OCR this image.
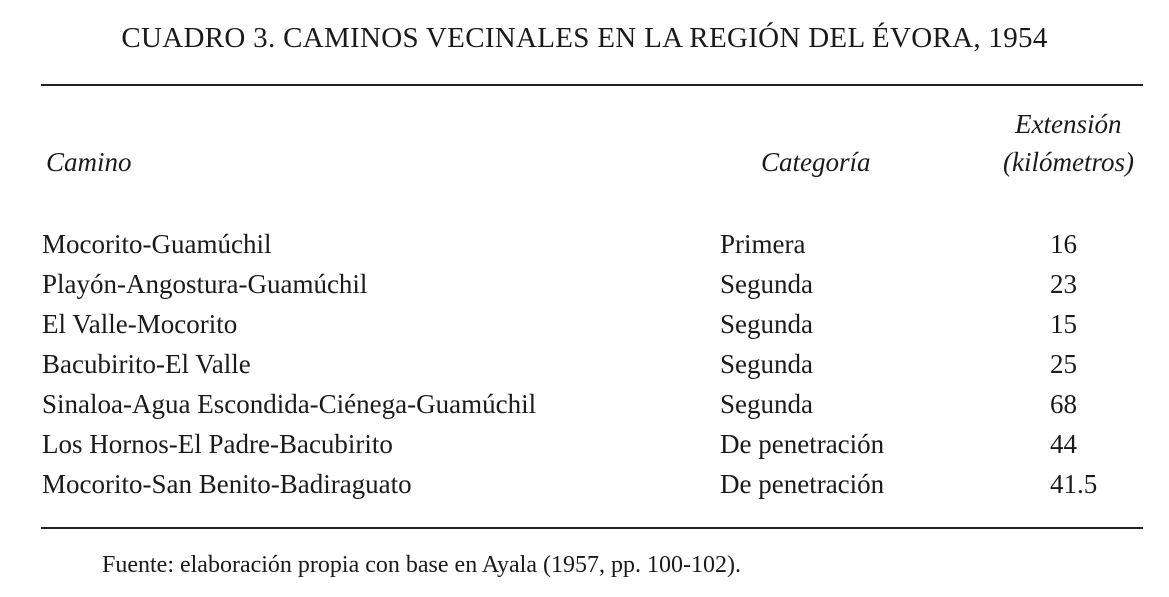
CUADRO 3. CAMINOS VECINALES EN LA REGIÓN DEL ÉVORA, 1954
Camino	Categoría
Extensión
(kilómetros)
Mocorito-Guamúchil	Primera	16
Playón-Angostura-Guamúchil	Segunda	23
El Valle-Mocorito	Segunda	15
Bacubirito-El Valle	Segunda	25
Sinaloa-Agua Escondida-Ciénega-Guamúchil	Segunda	68
Los Hornos-El Padre-Bacubirito	De penetración	44
Mocorito-San Benito-Badiraguato	De penetración	41.5
Fuente: elaboración propia con base en Ayala (1957, pp. 100-102).
